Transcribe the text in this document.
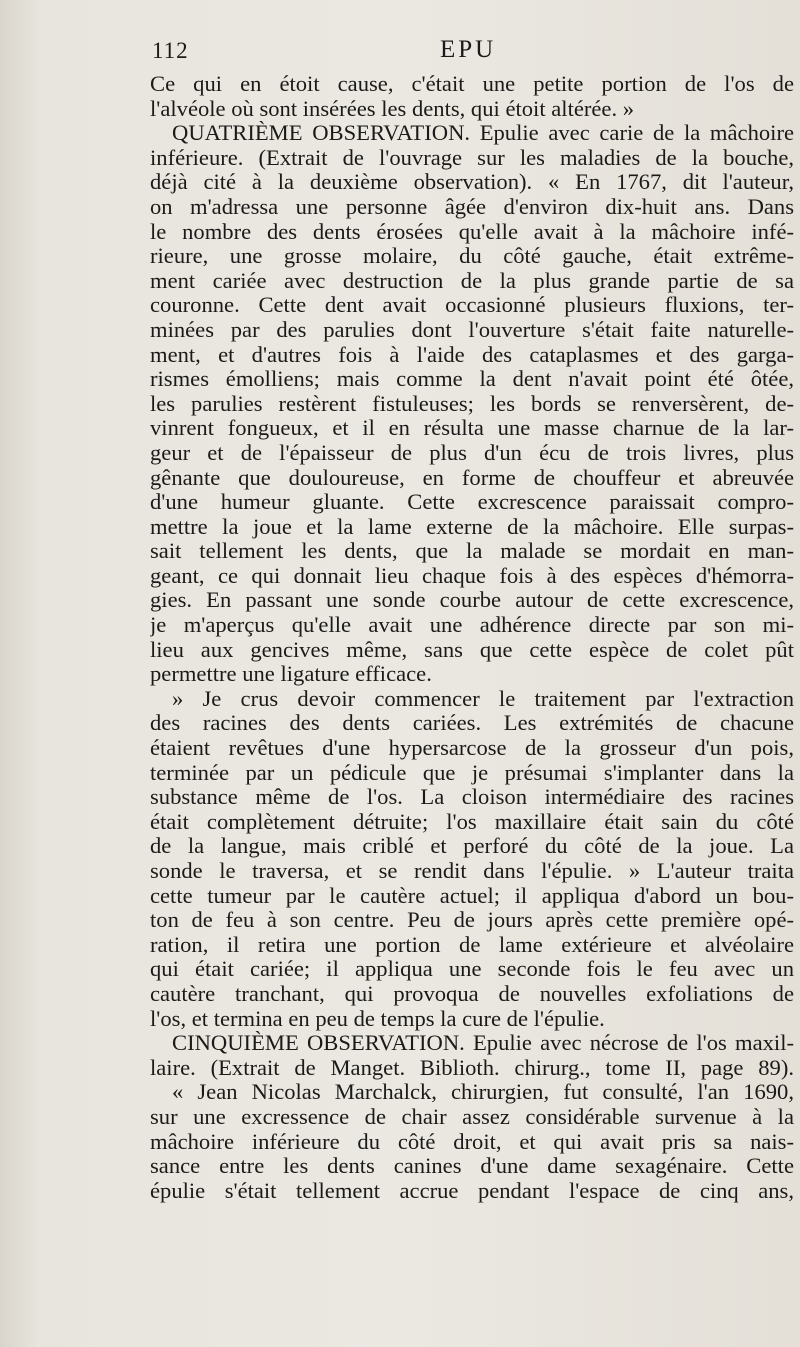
112	EPU
Ce qui en étoit cause, c'était une petite portion de l'os de
l'alvéole où sont insérées les dents, qui étoit altérée. »
QUATRIÈME OBSERVATION. Epulie avec carie de la mâchoire
inférieure. (Extrait de l'ouvrage sur les maladies de la bouche,
déjà cité à la deuxième observation). « En 1767, dit l'auteur,
on m'adressa une personne âgée d'environ dix-huit ans. Dans
le nombre des dents érosées qu'elle avait à la mâchoire infé-
rieure, une grosse molaire, du côté gauche, était extrême-
ment cariée avec destruction de la plus grande partie de sa
couronne. Cette dent avait occasionné plusieurs fluxions, ter-
minées par des parulies dont l'ouverture s'était faite naturelle-
ment, et d'autres fois à l'aide des cataplasmes et des garga-
rismes émolliens; mais comme la dent n'avait point été ôtée,
les parulies restèrent fistuleuses; les bords se renversèrent, de-
vinrent fongueux, et il en résulta une masse charnue de la lar-
geur et de l'épaisseur de plus d'un écu de trois livres, plus
gênante que douloureuse, en forme de chouffeur et abreuvée
d'une humeur gluante. Cette excrescence paraissait compro-
mettre la joue et la lame externe de la mâchoire. Elle surpas-
sait tellement les dents, que la malade se mordait en man-
geant, ce qui donnait lieu chaque fois à des espèces d'hémorra-
gies. En passant une sonde courbe autour de cette excrescence,
je m'aperçus qu'elle avait une adhérence directe par son mi-
lieu aux gencives même, sans que cette espèce de colet pût
permettre une ligature efficace.
» Je crus devoir commencer le traitement par l'extraction
des racines des dents cariées. Les extrémités de chacune
étaient revêtues d'une hypersarcose de la grosseur d'un pois,
terminée par un pédicule que je présumai s'implanter dans la
substance même de l'os. La cloison intermédiaire des racines
était complètement détruite; l'os maxillaire était sain du côté
de la langue, mais criblé et perforé du côté de la joue. La
sonde le traversa, et se rendit dans l'épulie. » L'auteur traita
cette tumeur par le cautère actuel; il appliqua d'abord un bou-
ton de feu à son centre. Peu de jours après cette première opé-
ration, il retira une portion de lame extérieure et alvéolaire
qui était cariée; il appliqua une seconde fois le feu avec un
cautère tranchant, qui provoqua de nouvelles exfoliations de
l'os, et termina en peu de temps la cure de l'épulie.
CINQUIÈME OBSERVATION. Epulie avec nécrose de l'os maxil-
laire. (Extrait de Manget. Biblioth. chirurg., tome II, page 89).
« Jean Nicolas Marchalck, chirurgien, fut consulté, l'an 1690,
sur une excressence de chair assez considérable survenue à la
mâchoire inférieure du côté droit, et qui avait pris sa nais-
sance entre les dents canines d'une dame sexagénaire. Cette
épulie s'était tellement accrue pendant l'espace de cinq ans,
